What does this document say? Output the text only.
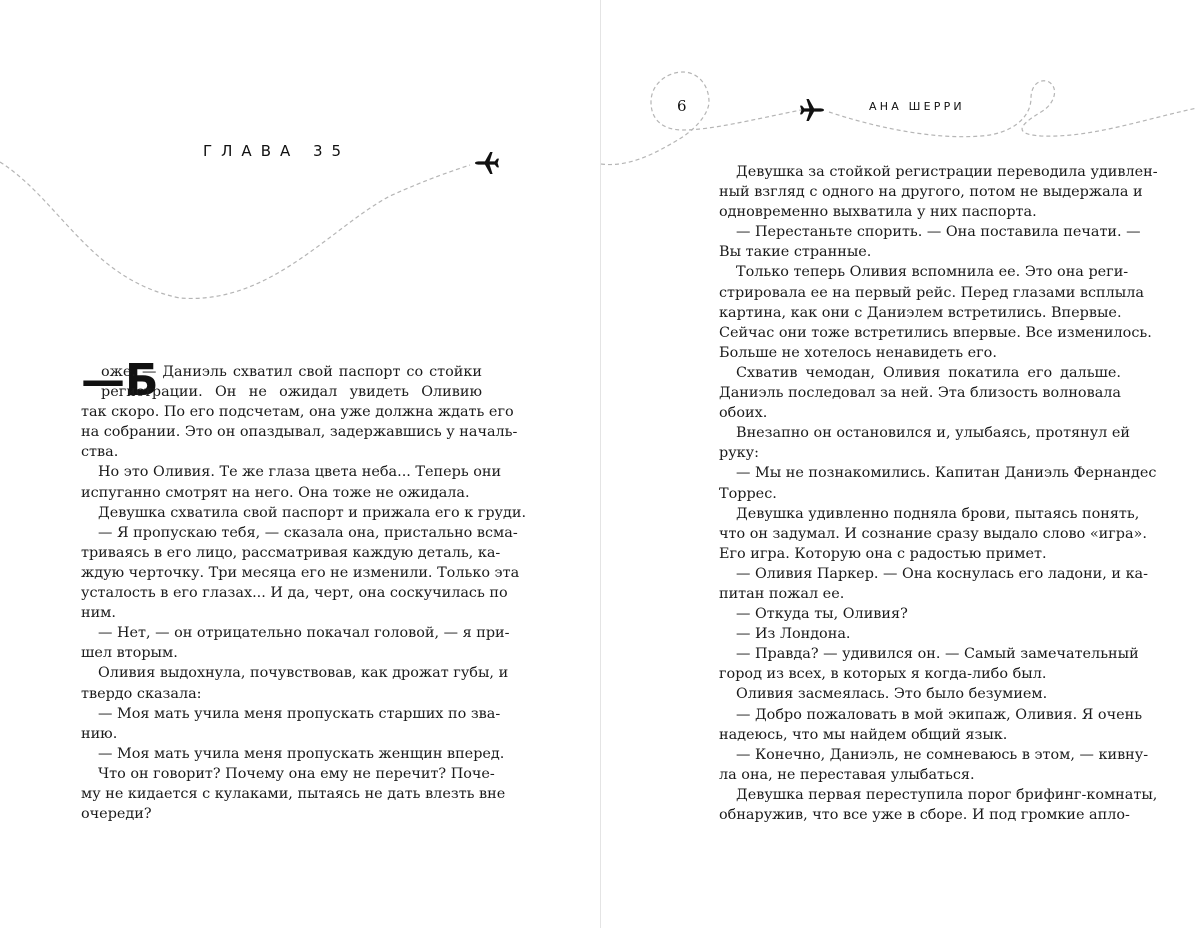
ГЛАВА 35
—Б
оже. — Даниэль схватил свой паспорт со стойки
регистрации. Он не ожидал увидеть Оливию
так скоро. По его подсчетам, она уже должна ждать его
на собрании. Это он опаздывал, задержавшись у началь-
ства.
Но это Оливия. Те же глаза цвета неба... Теперь они
испуганно смотрят на него. Она тоже не ожидала.
Девушка схватила свой паспорт и прижала его к груди.
— Я пропускаю тебя, — сказала она, пристально всма-
триваясь в его лицо, рассматривая каждую деталь, ка-
ждую черточку. Три месяца его не изменили. Только эта
усталость в его глазах... И да, черт, она соскучилась по
ним.
— Нет, — он отрицательно покачал головой, — я при-
шел вторым.
Оливия выдохнула, почувствовав, как дрожат губы, и
твердо сказала:
— Моя мать учила меня пропускать старших по зва-
нию.
— Моя мать учила меня пропускать женщин вперед.
Что он говорит? Почему она ему не перечит? Поче-
му не кидается с кулаками, пытаясь не дать влезть вне
очереди?
6	АНА ШЕРРИ
Девушка за стойкой регистрации переводила удивлен-
ный взгляд с одного на другого, потом не выдержала и
одновременно выхватила у них паспорта.
— Перестаньте спорить. — Она поставила печати. —
Вы такие странные.
Только теперь Оливия вспомнила ее. Это она реги-
стрировала ее на первый рейс. Перед глазами всплыла
картина, как они с Даниэлем встретились. Впервые.
Сейчас они тоже встретились впервые. Все изменилось.
Больше не хотелось ненавидеть его.
Схватив чемодан, Оливия покатила его дальше.
Даниэль последовал за ней. Эта близость волновала
обоих.
Внезапно он остановился и, улыбаясь, протянул ей
руку:
— Мы не познакомились. Капитан Даниэль Фернандес
Торрес.
Девушка удивленно подняла брови, пытаясь понять,
что он задумал. И сознание сразу выдало слово «игра».
Его игра. Которую она с радостью примет.
— Оливия Паркер. — Она коснулась его ладони, и ка-
питан пожал ее.
— Откуда ты, Оливия?
— Из Лондона.
— Правда? — удивился он. — Самый замечательный
город из всех, в которых я когда-либо был.
Оливия засмеялась. Это было безумием.
— Добро пожаловать в мой экипаж, Оливия. Я очень
надеюсь, что мы найдем общий язык.
— Конечно, Даниэль, не сомневаюсь в этом, — кивну-
ла она, не переставая улыбаться.
Девушка первая переступила порог брифинг-комнаты,
обнаружив, что все уже в сборе. И под громкие апло-
